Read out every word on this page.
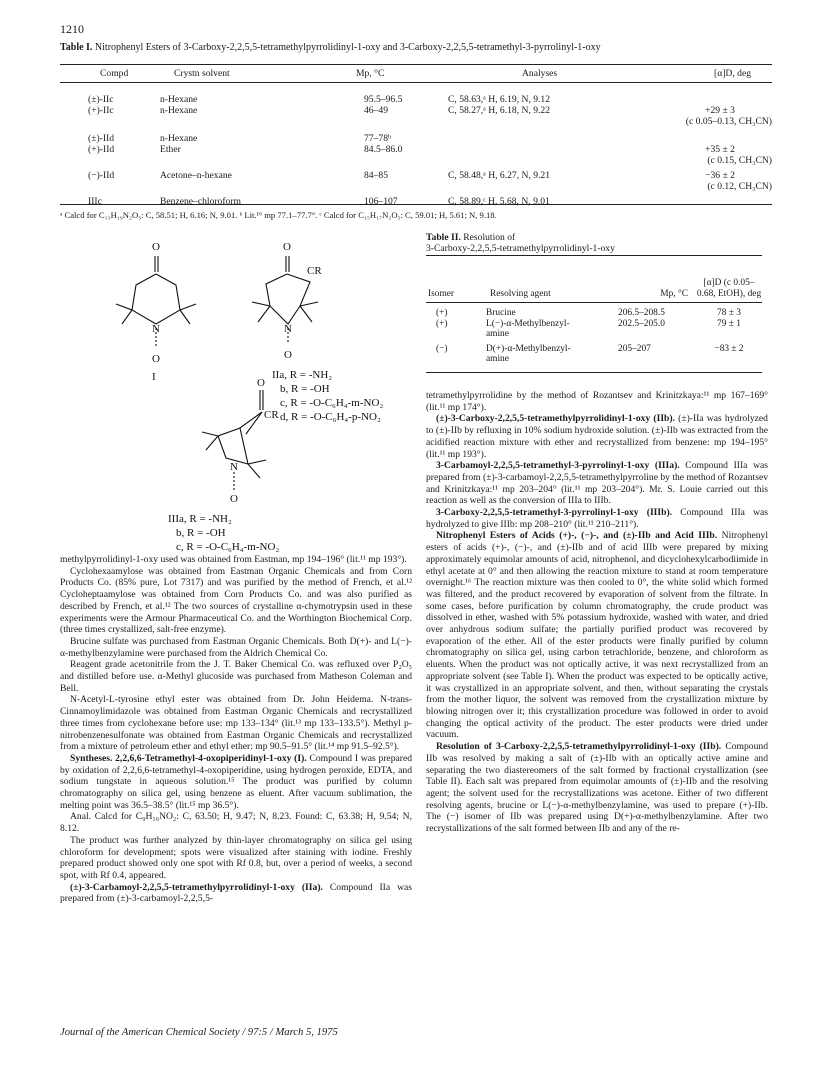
1210
Table I. Nitrophenyl Esters of 3-Carboxy-2,2,5,5-tetramethylpyrrolidinyl-1-oxy and 3-Carboxy-2,2,5,5-tetramethyl-3-pyrrolinyl-1-oxy
Compd	Crystn solvent	Mp, °C	Analyses	[α]D, deg

(±)-IIc	n-Hexane	95.5–96.5	C, 58.63,ᵃ H, 6.19, N, 9.12	

(+)-IIc	n-Hexane	46–49	C, 58.27,ᵃ H, 6.18, N, 9.22	+29 ± 3
(c 0.05–0.13, CH₃CN)

(±)-IId	n-Hexane	77–78ᵇ		

(+)-IId	Ether	84.5–86.0		+35 ± 2
(c 0.15, CH₃CN)

(−)-IId	Acetone–n-hexane	84–85	C, 58.48,ᵃ H, 6.27, N, 9.21	−36 ± 2
(c 0.12, CH₃CN)

IIIc	Benzene–chloroform	106–107	C, 58.89,ᶜ H, 5.68, N, 9.01	
ᵃ Calcd for C₁₃H₁₉N₂O₅: C, 58.51; H, 6.16; N, 9.01. ᵇ Lit.¹⁶ mp 77.1–77.7°. ᶜ Calcd for C₁₅H₁₇N₂O₅: C, 59.01; H, 5.61; N, 9.18.
O
N
O
I
O
CR
N
O
IIa, R = -NH₂
b, R = -OH
c, R = -O-C₆H₄-m-NO₂
d, R = -O-C₆H₄-p-NO₂
O
CR
N
O
IIIa, R = -NH₂
b, R = -OH
c, R = -O-C₆H₄-m-NO₂

methylpyrrolidinyl-1-oxy used was obtained from Eastman, mp 194–196° (lit.¹¹ mp 193°).

Cyclohexaamylose was obtained from Eastman Organic Chemicals and from Corn Products Co. (85% pure, Lot 7317) and was purified by the method of French, et al.¹² Cycloheptaamylose was obtained from Corn Products Co. and was also purified as described by French, et al.¹² The two sources of crystalline α-chymotrypsin used in these experiments were the Armour Pharmaceutical Co. and the Worthington Biochemical Corp. (three times crystallized, salt-free enzyme).

Brucine sulfate was purchased from Eastman Organic Chemicals. Both D(+)- and L(−)-α-methylbenzylamine were purchased from the Aldrich Chemical Co.

Reagent grade acetonitrile from the J. T. Baker Chemical Co. was refluxed over P₂O₅ and distilled before use. α-Methyl glucoside was purchased from Matheson Coleman and Bell.

N-Acetyl-L-tyrosine ethyl ester was obtained from Dr. John Heidema. N-trans-Cinnamoylimidazole was obtained from Eastman Organic Chemicals and recrystallized three times from cyclohexane before use: mp 133–134° (lit.¹³ mp 133–133.5°). Methyl p-nitrobenzenesulfonate was obtained from Eastman Organic Chemicals and recrystallized from a mixture of petroleum ether and ethyl ether: mp 90.5–91.5° (lit.¹⁴ mp 91.5–92.5°).

Syntheses. 2,2,6,6-Tetramethyl-4-oxopiperidinyl-1-oxy (I). Compound I was prepared by oxidation of 2,2,6,6-tetramethyl-4-oxopiperidine, using hydrogen peroxide, EDTA, and sodium tungstate in aqueous solution.¹⁵ The product was purified by column chromatography on silica gel, using benzene as eluent. After vacuum sublimation, the melting point was 36.5–38.5° (lit.¹⁵ mp 36.5°).

Anal. Calcd for C₉H₁₆NO₂: C, 63.50; H, 9.47; N, 8.23. Found: C, 63.38; H, 9.54; N, 8.12.

The product was further analyzed by thin-layer chromatography on silica gel using chloroform for development; spots were visualized after staining with iodine. Freshly prepared product showed only one spot with Rf 0.8, but, over a period of weeks, a second spot, with Rf 0.4, appeared.

(±)-3-Carbamoyl-2,2,5,5-tetramethylpyrrolidinyl-1-oxy (IIa). Compound IIa was prepared from (±)-3-carbamoyl-2,2,5,5-

Table II. Resolution of
3-Carboxy-2,2,5,5-tetramethylpyrrolidinyl-1-oxy
Isomer	Resolving agent	Mp, °C	[α]D (c 0.05–0.68, EtOH), deg

(+)	Brucine	206.5–208.5	78 ± 3
(+)	L(−)-α-Methylbenzyl-amine	202.5–205.0	79 ± 1
(−)	D(+)-α-Methylbenzyl-amine	205–207	−83 ± 2

tetramethylpyrrolidine by the method of Rozantsev and Krinitzkaya:¹¹ mp 167–169° (lit.¹¹ mp 174°).

(±)-3-Carboxy-2,2,5,5-tetramethylpyrrolidinyl-1-oxy (IIb). (±)-IIa was hydrolyzed to (±)-IIb by refluxing in 10% sodium hydroxide solution. (±)-IIb was extracted from the acidified reaction mixture with ether and recrystallized from benzene: mp 194–195° (lit.¹¹ mp 193°).

3-Carbamoyl-2,2,5,5-tetramethyl-3-pyrrolinyl-1-oxy (IIIa). Compound IIIa was prepared from (±)-3-carbamoyl-2,2,5,5-tetramethylpyrroline by the method of Rozantsev and Krinitzkaya:¹¹ mp 203–204° (lit.¹¹ mp 203–204°). Mr. S. Louie carried out this reaction as well as the conversion of IIIa to IIIb.

3-Carboxy-2,2,5,5-tetramethyl-3-pyrrolinyl-1-oxy (IIIb). Compound IIIa was hydrolyzed to give IIIb: mp 208–210° (lit.¹¹ 210–211°).

Nitrophenyl Esters of Acids (+)-, (−)-, and (±)-IIb and Acid IIIb. Nitrophenyl esters of acids (+)-, (−)-, and (±)-IIb and of acid IIIb were prepared by mixing approximately equimolar amounts of acid, nitrophenol, and dicyclohexylcarbodiimide in ethyl acetate at 0° and then allowing the reaction mixture to stand at room temperature overnight.¹⁶ The reaction mixture was then cooled to 0°, the white solid which formed was filtered, and the product recovered by evaporation of solvent from the filtrate. In some cases, before purification by column chromatography, the crude product was dissolved in ether, washed with 5% potassium hydroxide, washed with water, and dried over anhydrous sodium sulfate; the partially purified product was recovered by evaporation of the ether. All of the ester products were finally purified by column chromatography on silica gel, using carbon tetrachloride, benzene, and chloroform as eluents. When the product was not optically active, it was next recrystallized from an appropriate solvent (see Table I). When the product was expected to be optically active, it was crystallized in an appropriate solvent, and then, without separating the crystals from the mother liquor, the solvent was removed from the crystallization mixture by blowing nitrogen over it; this crystallization procedure was followed in order to avoid changing the optical activity of the product. The ester products were dried under vacuum.

Resolution of 3-Carboxy-2,2,5,5-tetramethylpyrrolidinyl-1-oxy (IIb). Compound IIb was resolved by making a salt of (±)-IIb with an optically active amine and separating the two diastereomers of the salt formed by fractional crystallization (see Table II). Each salt was prepared from equimolar amounts of (±)-IIb and the resolving agent; the solvent used for the recrystallizations was acetone. Either of two different resolving agents, brucine or L(−)-α-methylbenzylamine, was used to prepare (+)-IIb. The (−) isomer of IIb was prepared using D(+)-α-methylbenzylamine. After two recrystallizations of the salt formed between IIb and any of the re-

Journal of the American Chemical Society / 97:5 / March 5, 1975
